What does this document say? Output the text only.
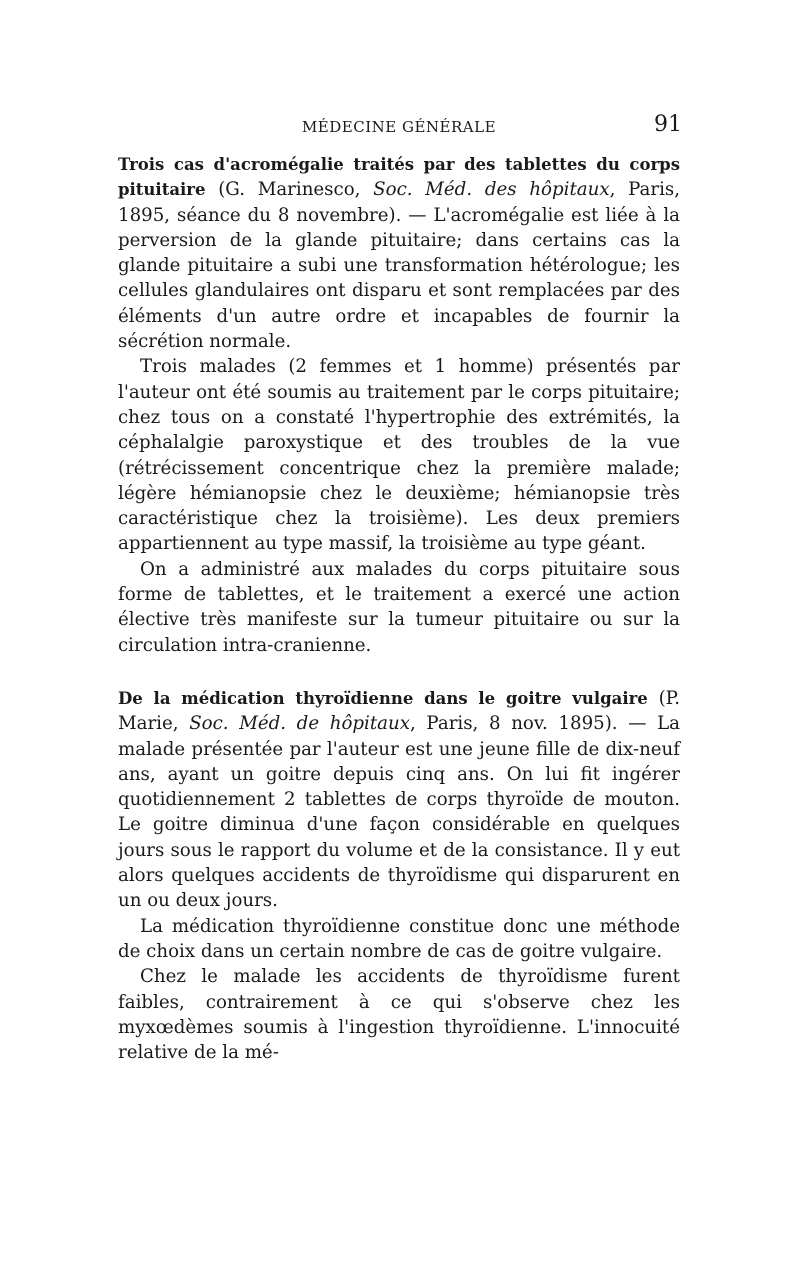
MÉDECINE GÉNÉRALE	91

Trois cas d'acromégalie traités par des tablettes du corps pituitaire (G. Marinesco, Soc. Méd. des hôpitaux, Paris, 1895, séance du 8 novembre). — L'acromégalie est liée à la perversion de la glande pituitaire; dans certains cas la glande pituitaire a subi une transformation hétérologue; les cellules glandulaires ont disparu et sont remplacées par des éléments d'un autre ordre et incapables de fournir la sécrétion normale.

Trois malades (2 femmes et 1 homme) présentés par l'auteur ont été soumis au traitement par le corps pituitaire; chez tous on a constaté l'hypertrophie des extrémités, la céphalalgie paroxystique et des troubles de la vue (rétrécissement concentrique chez la première malade; légère hémianopsie chez le deuxième; hémianopsie très caractéristique chez la troisième). Les deux premiers appartiennent au type massif, la troisième au type géant.

On a administré aux malades du corps pituitaire sous forme de tablettes, et le traitement a exercé une action élective très manifeste sur la tumeur pituitaire ou sur la circulation intra-cranienne.

De la médication thyroïdienne dans le goitre vulgaire (P. Marie, Soc. Méd. de hôpitaux, Paris, 8 nov. 1895). — La malade présentée par l'auteur est une jeune fille de dix-neuf ans, ayant un goitre depuis cinq ans. On lui fit ingérer quotidiennement 2 tablettes de corps thyroïde de mouton. Le goitre diminua d'une façon considérable en quelques jours sous le rapport du volume et de la consistance. Il y eut alors quelques accidents de thyroïdisme qui disparurent en un ou deux jours.

La médication thyroïdienne constitue donc une méthode de choix dans un certain nombre de cas de goitre vulgaire.

Chez le malade les accidents de thyroïdisme furent faibles, contrairement à ce qui s'observe chez les myxœdèmes soumis à l'ingestion thyroïdienne. L'innocuité relative de la mé-
